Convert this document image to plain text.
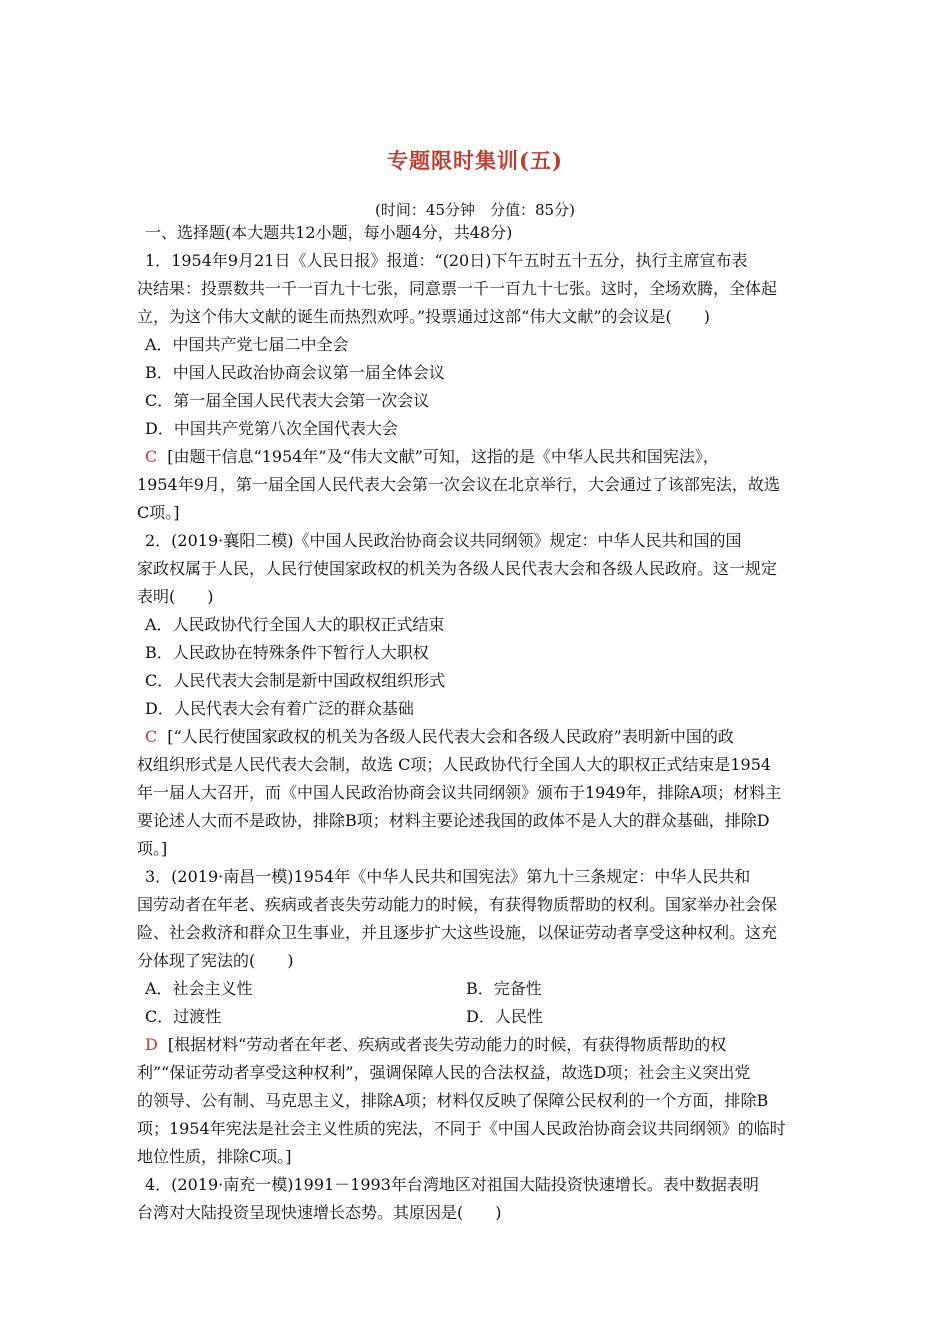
专题限时集训(五)
(时间：45分钟　分值：85分)
一、选择题(本大题共12小题，每小题4分，共48分)
1．1954年9月21日《人民日报》报道：“(20日)下午五时五十五分，执行主席宣布表
决结果：投票数共一千一百九十七张，同意票一千一百九十七张。这时，全场欢腾，全体起
立，为这个伟大文献的诞生而热烈欢呼。”投票通过这部“伟大文献”的会议是(　　)
A．中国共产党七届二中全会
B．中国人民政治协商会议第一届全体会议
C．第一届全国人民代表大会第一次会议
D．中国共产党第八次全国代表大会
C [由题干信息“1954年”及“伟大文献”可知，这指的是《中华人民共和国宪法》，
1954年9月，第一届全国人民代表大会第一次会议在北京举行，大会通过了该部宪法，故选
C项。]
2．(2019·襄阳二模)《中国人民政治协商会议共同纲领》规定：中华人民共和国的国
家政权属于人民，人民行使国家政权的机关为各级人民代表大会和各级人民政府。这一规定
表明(　　)
A．人民政协代行全国人大的职权正式结束
B．人民政协在特殊条件下暂行人大职权
C．人民代表大会制是新中国政权组织形式
D．人民代表大会有着广泛的群众基础
C [“人民行使国家政权的机关为各级人民代表大会和各级人民政府”表明新中国的政
权组织形式是人民代表大会制，故选 C项；人民政协代行全国人大的职权正式结束是1954
年一届人大召开，而《中国人民政治协商会议共同纲领》颁布于1949年，排除A项；材料主
要论述人大而不是政协，排除B项；材料主要论述我国的政体不是人大的群众基础，排除D
项。]
3．(2019·南昌一模)1954年《中华人民共和国宪法》第九十三条规定：中华人民共和
国劳动者在年老、疾病或者丧失劳动能力的时候，有获得物质帮助的权利。国家举办社会保
险、社会救济和群众卫生事业，并且逐步扩大这些设施，以保证劳动者享受这种权利。这充
分体现了宪法的(　　)
A．社会主义性	B．完备性
C．过渡性	D．人民性
D [根据材料“劳动者在年老、疾病或者丧失劳动能力的时候，有获得物质帮助的权
利”“保证劳动者享受这种权利”，强调保障人民的合法权益，故选D项；社会主义突出党
的领导、公有制、马克思主义，排除A项；材料仅反映了保障公民权利的一个方面，排除B
项；1954年宪法是社会主义性质的宪法，不同于《中国人民政治协商会议共同纲领》的临时
地位性质，排除C项。]
4．(2019·南充一模)1991－1993年台湾地区对祖国大陆投资快速增长。表中数据表明
台湾对大陆投资呈现快速增长态势。其原因是(　　)
